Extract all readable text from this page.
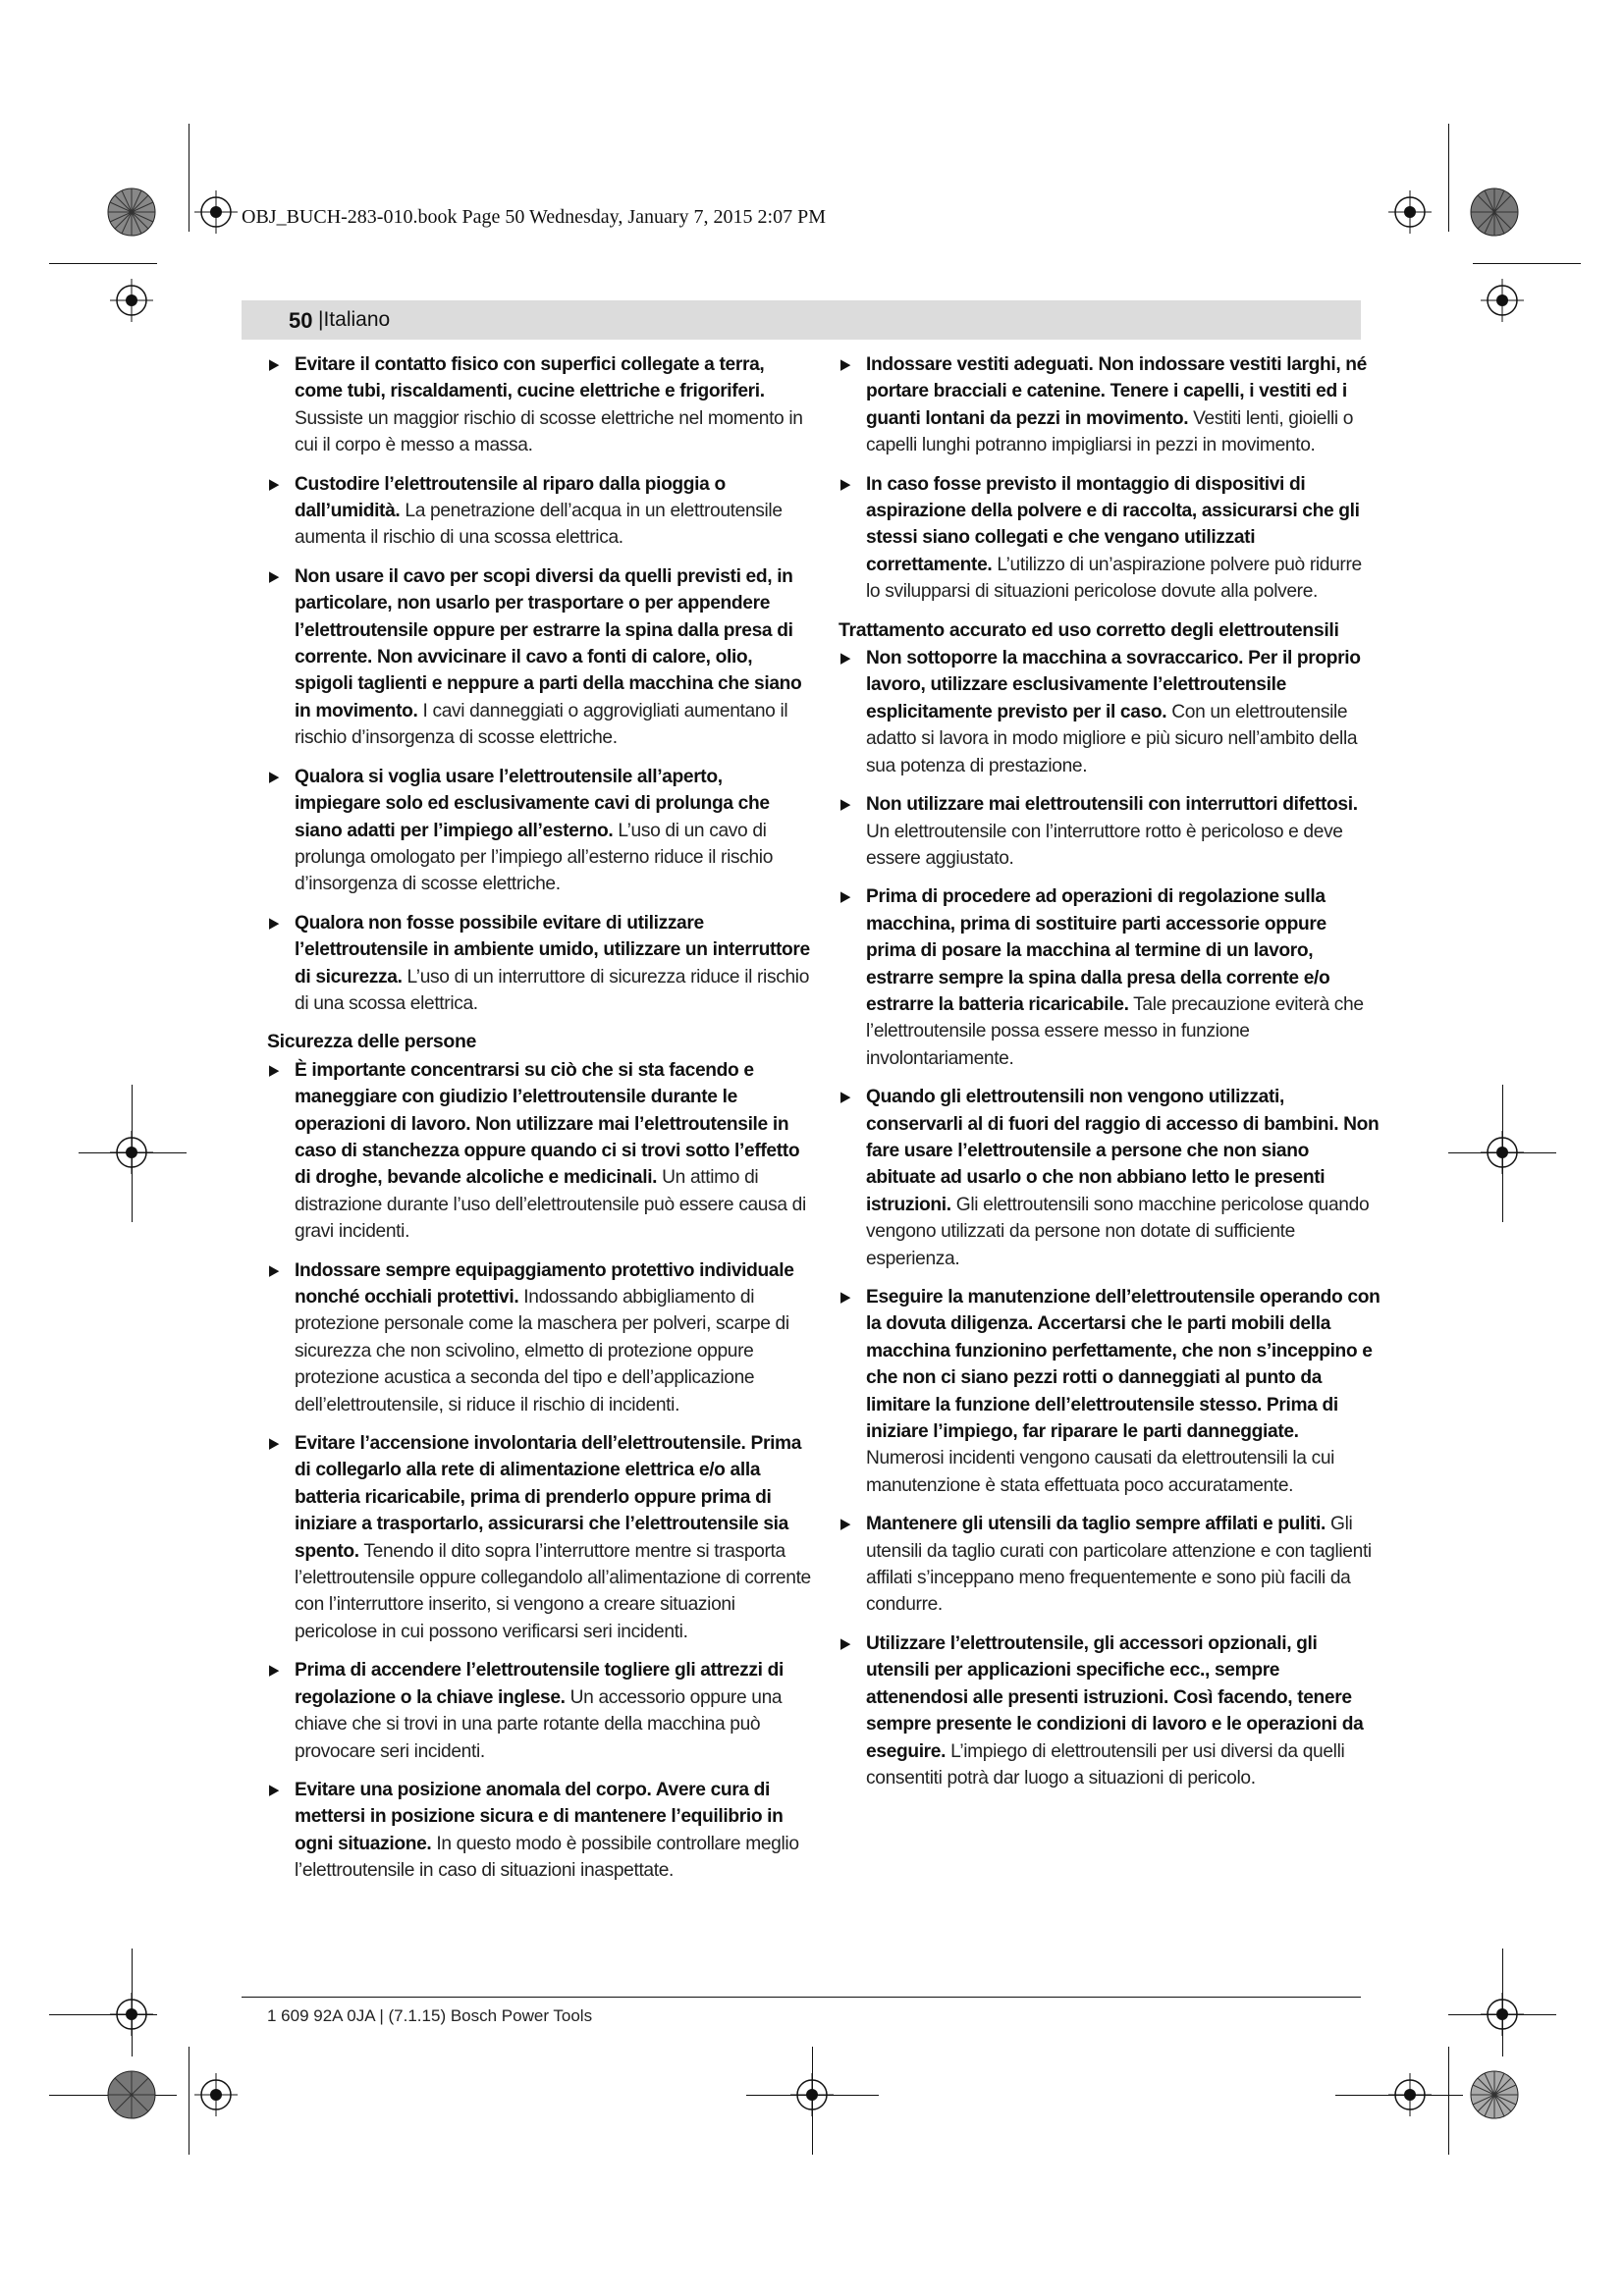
OBJ_BUCH-283-010.book Page 50 Wednesday, January 7, 2015 2:07 PM
50 |Italiano
▶ Evitare il contatto fisico con superfici collegate a terra, come tubi, riscaldamenti, cucine elettriche e frigoriferi. Sussiste un maggior rischio di scosse elettriche nel momento in cui il corpo è messo a massa.
▶ Custodire l’elettroutensile al riparo dalla pioggia o dall’umidità. La penetrazione dell’acqua in un elettroutensile aumenta il rischio di una scossa elettrica.
▶ Non usare il cavo per scopi diversi da quelli previsti ed, in particolare, non usarlo per trasportare o per appendere l’elettroutensile oppure per estrarre la spina dalla presa di corrente. Non avvicinare il cavo a fonti di calore, olio, spigoli taglienti e neppure a parti della macchina che siano in movimento. I cavi danneggiati o aggrovigliati aumentano il rischio d’insorgenza di scosse elettriche.
▶ Qualora si voglia usare l’elettroutensile all’aperto, impiegare solo ed esclusivamente cavi di prolunga che siano adatti per l’impiego all’esterno. L’uso di un cavo di prolunga omologato per l’impiego all’esterno riduce il rischio d’insorgenza di scosse elettriche.
▶ Qualora non fosse possibile evitare di utilizzare l’elettroutensile in ambiente umido, utilizzare un interruttore di sicurezza. L’uso di un interruttore di sicurezza riduce il rischio di una scossa elettrica.
Sicurezza delle persone
▶ È importante concentrarsi su ciò che si sta facendo e maneggiare con giudizio l’elettroutensile durante le operazioni di lavoro. Non utilizzare mai l’elettroutensile in caso di stanchezza oppure quando ci si trovi sotto l’effetto di droghe, bevande alcoliche e medicinali. Un attimo di distrazione durante l’uso dell’elettroutensile può essere causa di gravi incidenti.
▶ Indossare sempre equipaggiamento protettivo individuale nonché occhiali protettivi. Indossando abbigliamento di protezione personale come la maschera per polveri, scarpe di sicurezza che non scivolino, elmetto di protezione oppure protezione acustica a seconda del tipo e dell’applicazione dell’elettroutensile, si riduce il rischio di incidenti.
▶ Evitare l’accensione involontaria dell’elettroutensile. Prima di collegarlo alla rete di alimentazione elettrica e/o alla batteria ricaricabile, prima di prenderlo oppure prima di iniziare a trasportarlo, assicurarsi che l’elettroutensile sia spento. Tenendo il dito sopra l’interruttore mentre si trasporta l’elettroutensile oppure collegandolo all’alimentazione di corrente con l’interruttore inserito, si vengono a creare situazioni pericolose in cui possono verificarsi seri incidenti.
▶ Prima di accendere l’elettroutensile togliere gli attrezzi di regolazione o la chiave inglese. Un accessorio oppure una chiave che si trovi in una parte rotante della macchina può provocare seri incidenti.
▶ Evitare una posizione anomala del corpo. Avere cura di mettersi in posizione sicura e di mantenere l’equilibrio in ogni situazione. In questo modo è possibile controllare meglio l’elettroutensile in caso di situazioni inaspettate.
▶ Indossare vestiti adeguati. Non indossare vestiti larghi, né portare bracciali e catenine. Tenere i capelli, i vestiti ed i guanti lontani da pezzi in movimento. Vestiti lenti, gioielli o capelli lunghi potranno impigliarsi in pezzi in movimento.
▶ In caso fosse previsto il montaggio di dispositivi di aspirazione della polvere e di raccolta, assicurarsi che gli stessi siano collegati e che vengano utilizzati correttamente. L’utilizzo di un’aspirazione polvere può ridurre lo svilupparsi di situazioni pericolose dovute alla polvere.
Trattamento accurato ed uso corretto degli elettroutensili
▶ Non sottoporre la macchina a sovraccarico. Per il proprio lavoro, utilizzare esclusivamente l’elettroutensile esplicitamente previsto per il caso. Con un elettroutensile adatto si lavora in modo migliore e più sicuro nell’ambito della sua potenza di prestazione.
▶ Non utilizzare mai elettroutensili con interruttori difettosi. Un elettroutensile con l’interruttore rotto è pericoloso e deve essere aggiustato.
▶ Prima di procedere ad operazioni di regolazione sulla macchina, prima di sostituire parti accessorie oppure prima di posare la macchina al termine di un lavoro, estrarre sempre la spina dalla presa della corrente e/o estrarre la batteria ricaricabile. Tale precauzione eviterà che l’elettroutensile possa essere messo in funzione involontariamente.
▶ Quando gli elettroutensili non vengono utilizzati, conservarli al di fuori del raggio di accesso di bambini. Non fare usare l’elettroutensile a persone che non siano abituate ad usarlo o che non abbiano letto le presenti istruzioni. Gli elettroutensili sono macchine pericolose quando vengono utilizzati da persone non dotate di sufficiente esperienza.
▶ Eseguire la manutenzione dell’elettroutensile operando con la dovuta diligenza. Accertarsi che le parti mobili della macchina funzionino perfettamente, che non s’inceppino e che non ci siano pezzi rotti o danneggiati al punto da limitare la funzione dell’elettroutensile stesso. Prima di iniziare l’impiego, far riparare le parti danneggiate. Numerosi incidenti vengono causati da elettroutensili la cui manutenzione è stata effettuata poco accuratamente.
▶ Mantenere gli utensili da taglio sempre affilati e puliti. Gli utensili da taglio curati con particolare attenzione e con taglienti affilati s’inceppano meno frequentemente e sono più facili da condurre.
▶ Utilizzare l’elettroutensile, gli accessori opzionali, gli utensili per applicazioni specifiche ecc., sempre attenendosi alle presenti istruzioni. Così facendo, tenere sempre presente le condizioni di lavoro e le operazioni da eseguire. L’impiego di elettroutensili per usi diversi da quelli consentiti potrà dar luogo a situazioni di pericolo.
1 609 92A 0JA | (7.1.15) Bosch Power Tools
